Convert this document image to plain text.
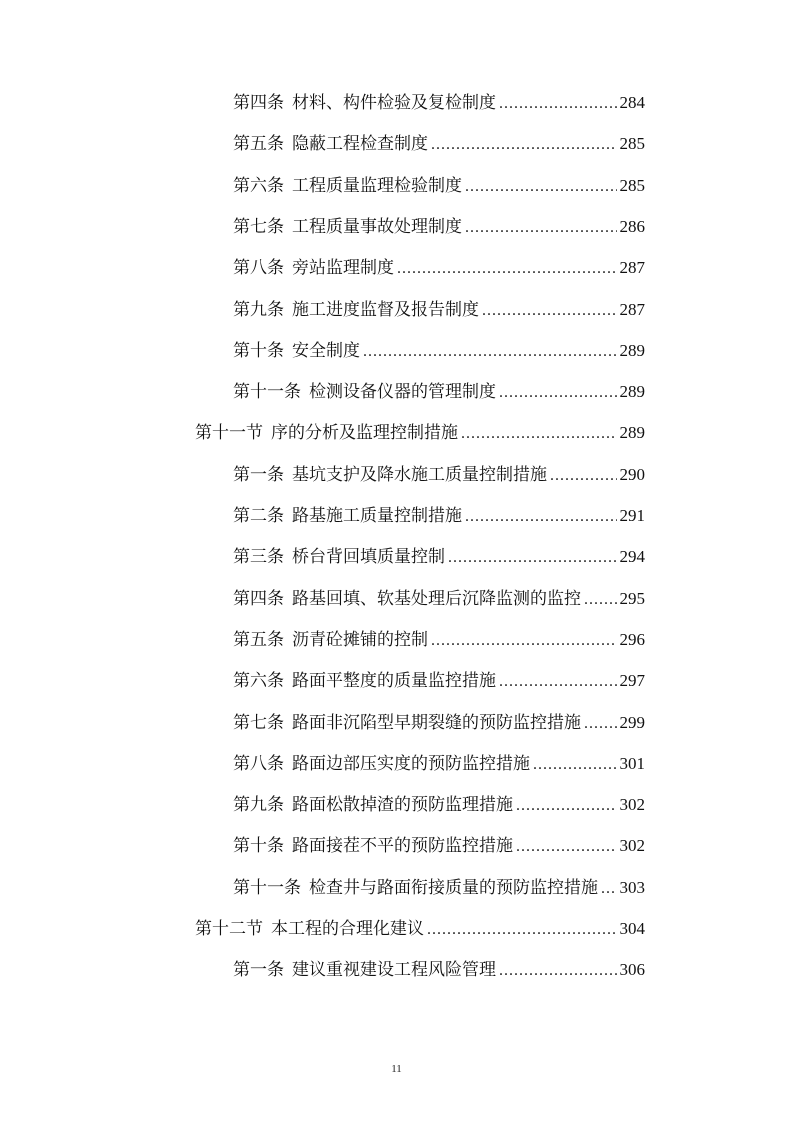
第四条 材料、构件检验及复检制度 .....	284
第五条 隐蔽工程检查制度 .....	285
第六条 工程质量监理检验制度 .....	285
第七条 工程质量事故处理制度 .....	286
第八条 旁站监理制度 .....	287
第九条 施工进度监督及报告制度 .....	287
第十条 安全制度 .....	289
第十一条 检测设备仪器的管理制度 .....	289
第十一节 序的分析及监理控制措施 .....	289
第一条 基坑支护及降水施工质量控制措施 .....	290
第二条 路基施工质量控制措施 .....	291
第三条 桥台背回填质量控制 .....	294
第四条 路基回填、软基处理后沉降监测的监控 ..... 295
第五条 沥青砼摊铺的控制 .....	296
第六条 路面平整度的质量监控措施 .....	297
第七条 路面非沉陷型早期裂缝的预防监控措施 ..... 299
第八条 路面边部压实度的预防监控措施 .....	301
第九条 路面松散掉渣的预防监理措施 .....	302
第十条 路面接茬不平的预防监控措施 .....	302
第十一条 检查井与路面衔接质量的预防监控措施 ..... 303
第十二节 本工程的合理化建议 .....	304
第一条 建议重视建设工程风险管理 .....	306
11
